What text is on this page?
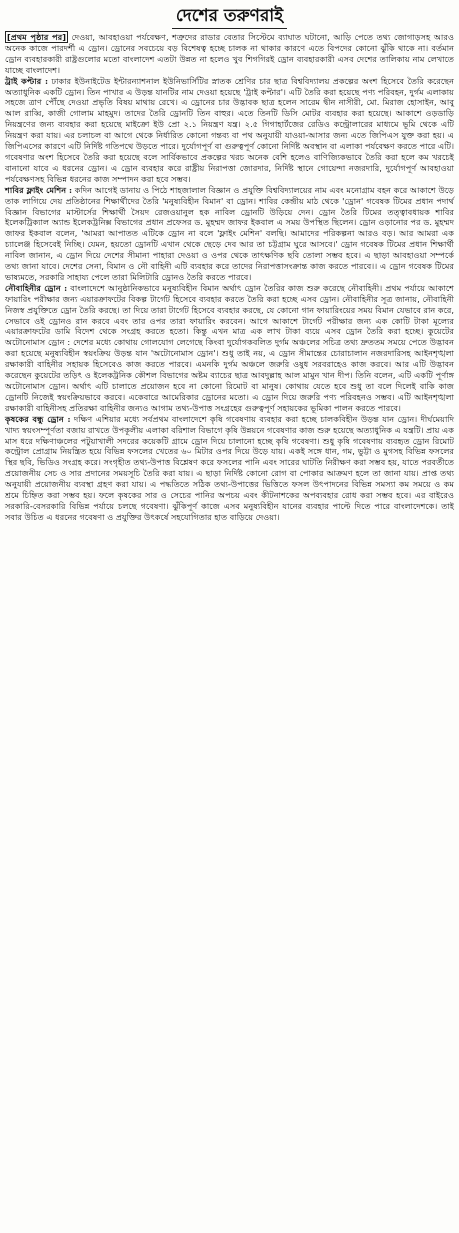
দেশের তরুণরাই

[প্রথম পৃষ্ঠার পর] দেওয়া, আবহাওয়া পর্যবেক্ষণ, শত্রুদের রাডার বেতার সিস্টেমে ব্যাঘাত ঘটানো, আড়ি পেতে তথ্য জোগাড়সহ আরও অনেক কাজে পারদর্শী এ ড্রোন। ড্রোনের সবচেয়ে বড় বিশেষত্ব হচ্ছে চালক না থাকার কারণে এতে বিপদের কোনো ঝুঁকি থাকে না। বর্তমান ড্রোন ব্যবহারকারী রাষ্ট্রগুলোর মতো বাংলাদেশ এতটা উন্নত না হলেও খুব শিগগিরই ড্রোন ব্যবহারকারী এসব দেশের তালিকায় নাম লেখাতে যাচ্ছে বাংলাদেশ।

ট্রাই কপ্টার : ঢাকার ইউনাইটেড ইন্টারন্যাশনাল ইউনিভার্সিটির স্নাতক শ্রেণির চার ছাত্র বিশ্ববিদ্যালয় প্রকল্পের অংশ হিসেবে তৈরি করেছেন অত্যাধুনিক একটি ড্রোন। তিন পাখার এ উড়ন্ত যানটির নাম দেওয়া হয়েছে 'ট্রাই কপ্টার'। এটি তৈরি করা হয়েছে পণ্য পরিবহন, দুর্গম এলাকায় সহজে ত্রাণ পৌঁছে দেওয়া প্রভৃতি বিষয় মাথায় রেখে। এ ড্রোনের চার উদ্ভাবক ছাত্র হলেন সারেম দ্বীন নাসীরী, মো. মিরাজ হোসাইন, আবু আল রাব্বি, কাজী গোলাম মাহমুদ। তাদের তৈরি ড্রোনটি তিন বাহুর। এতে তিনটি ডিসি মোটর ব্যবহার করা হয়েছে। আকাশে ওড়ডাড়ি নিয়ন্ত্রণের জন্য ব্যবহার করা হয়েছে মাইক্রো ইউ প্রো ২.১ নিয়ন্ত্রণ যন্ত্র। ২.৫ গিগাহার্টজের রেডিও কন্ট্রোলারের মাধ্যমে ভূমি থেকে এটি নিয়ন্ত্রণ করা যায়। এর চলাচল বা আগে থেকে নির্ধারিত কোনো গন্তব্য বা পথ অনুযায়ী যাওয়া-আসার জন্য এতে জিপিএস যুক্ত করা হয়। এ জিপিএসের কারণে এটি নির্দিষ্ট গতিপথে উড়তে পারে। দুর্যোগপূর্ণ বা গুরুত্বপূর্ণ কোনো নির্দিষ্ট অবস্থান বা এলাকা পর্যবেক্ষণ করতে পারে এটি। গবেষণার অংশ হিসেবে তৈরি করা হয়েছে বলে সার্বিকভাবে প্রকল্পের খরচ অনেক বেশি হলেও বাণিজ্যিকভাবে তৈরি করা হলে কম খরচেই বানানো যাবে এ ধরনের ড্রোন। এ ড্রোন ব্যবহার করে রাষ্ট্রীয় নিরাপত্তা জোরদার, নির্দিষ্ট স্থানে গোয়েন্দা নজরদারি, দুর্যোগপূর্ণ আবহাওয়া পর্যবেক্ষণসহ বিভিন্ন ধরনের কাজ সম্পাদন করা হবে সম্ভব।

শাবির ফ্লাইং মেশিন : কদিন আগেই ডানায় ও পিঠে শাহজালাল বিজ্ঞান ও প্রযুক্তি বিশ্ববিদ্যালয়ের নাম এবং মনোগ্রাম বহন করে আকাশে উড়ে তাক লাগিয়ে দেয় প্রতিষ্ঠানের শিক্ষার্থীদের তৈরি 'মনুষ্যবিহীন বিমান' বা ড্রোন। শাবির কেন্দ্রীয় মাঠ থেকে 'ড্রোন' গবেষক টিমের প্রধান পদার্থ বিজ্ঞান বিভাগের মাস্টার্সের শিক্ষার্থী সৈয়দ রেজওয়ানুল হক নাবিল ড্রোনটি উড়িয়ে দেন। ড্রোন তৈরি টিমের তত্ত্বাবধায়ক শাবির ইলেকট্রিক্যাল অ্যান্ড ইলেকট্রনিক্স বিভাগের প্রধান প্রফেসর ড. মুহম্মদ জাফর ইকবাল এ সময় উপস্থিত ছিলেন। ড্রোন ওড়ানোর পর ড. মুহম্মদ জাফর ইকবাল বলেন, 'আমরা আপাতত এটিকে ড্রোন না বলে 'ফ্লাইং মেশিন' বলছি। আমাদের পরিকল্পনা আরও বড়। আর আমরা এক চ্যালেঞ্জ হিসেবেই নিচ্ছি। যেমন, হয়তো ড্রোনটি এখান থেকে ছেড়ে দেব আর তা চট্টগ্রাম ঘুরে আসবে।' ড্রোন গবেষক টিমের প্রধান শিক্ষার্থী নাবিল জানান, এ ড্রোন দিয়ে দেশের সীমানা পাহারা দেওয়া ও ওপর থেকে তাৎক্ষণিক ছবি তোলা সম্ভব হবে। এ ছাড়া আবহাওয়া সম্পর্কে তথ্য জানা যাবে। দেশের সেনা, বিমান ও নৌ বাহিনী এটি ব্যবহার করে তাদের নিরাপত্তাসংক্রান্ত কাজ করতে পারবে।। এ ড্রোন গবেষক টিমের ভাষ্যমতে, সরকারি সাহায্য পেলে তারা মিলিটারি ড্রোনও তৈরি করতে পারবে।

নৌবাহিনীর ড্রোন : বাংলাদেশে আনুষ্ঠানিকভাবে মনুষ্যবিহীন বিমান অর্থাৎ ড্রোন তৈরির কাজ শুরু করেছে নৌবাহিনী। প্রথম পর্যায়ে আকাশে ফায়ারিং পরীক্ষার জন্য এয়ারক্রাফটের বিকল্প টার্গেট হিসেবে ব্যবহার করতে তৈরি করা হচ্ছে এসব ড্রোন। নৌবাহিনীর সূত্র জানায়, নৌবাহিনী নিজস্ব প্রযুক্তিতে ড্রোন তৈরি করছে। তা দিয়ে তারা টার্গেট হিসেবে ব্যবহার করছে, যে কোনো গান ফায়ারিংয়ের সময় বিমান যেভাবে রান করে, সেভাবে ওই ড্রোনও রান করবে এবং তার ওপর তারা ফায়ারিং করবেন। আগে আকাশে টার্গেট পরীক্ষার জন্য এক কোটি টাকা মূল্যের এয়ারক্রাফটের ডামি বিদেশ থেকে সংগ্রহ করতে হতো। কিন্তু এখন মাত্র এক লাখ টাকা ব্যয়ে এসব ড্রোন তৈরি করা হচ্ছে। কুয়েটের অটোনোমাস ড্রোন : দেশের মধ্যে কোথায় গোলযোগ লেগেছে কিংবা দুর্যোগকবলিত দুর্গম অঞ্চলের সচিত্র তথ্য দ্রুততম সময়ে পেতে উদ্ভাবন করা হয়েছে মনুষ্যবিহীন স্বয়ংক্রিয় উড়ন্ত যান 'অটোনোমাস ড্রোন'। শুধু তাই নয়, এ ড্রোন সীমান্তের চোরাচালান নজরদারিসহ আইনশৃঙ্খলা রক্ষাকারী বাহিনীর সহায়ক হিসেবেও কাজ করতে পারবে। এমনকি দুর্গম অঞ্চলে জরুরি ওষুধ সরবরাহেও কাজ করবে। আর এটি উদ্ভাবন করেছেন কুয়েটের তড়িৎ ও ইলেকট্রনিক কৌশল বিভাগের অষ্টম ব্যাচের ছাত্র আবদুল্লাহ আল মামুন খান দীপ। তিনি বলেন, এটি একটি পূর্ণাঙ্গ অটোনোমাস ড্রোন। অর্থাৎ এটি চালাতে প্রয়োজন হবে না কোনো রিমোট বা মানুষ। কোথায় যেতে হবে শুধু তা বলে দিলেই বাকি কাজ ড্রোনটি নিজেই স্বয়ংক্রিয়ভাবে করবে। একেবারে আমেরিকার ড্রোনের মতো। এ ড্রোন দিয়ে জরুরি পণ্য পরিবহনও সম্ভব। এটি আইনশৃঙ্খলা রক্ষাকারী বাহিনীসহ প্রতিরক্ষা বাহিনীর জন্যও আগাম তথ্য-উপাত্ত সংগ্রহের গুরুত্বপূর্ণ সহায়কের ভূমিকা পালন করতে পারবে।

কৃষকের বন্ধু ড্রোন : দক্ষিণ এশিয়ার মধ্যে সর্বপ্রথম বাংলাদেশে কৃষি গবেষণায় ব্যবহার করা হচ্ছে চালকবিহীন উড়ন্ত যান ড্রোন। দীর্ঘমেয়াদি খাদ্য স্বয়ংসম্পূর্ণতা বজায় রাখতে উপকূলীয় এলাকা বরিশাল বিভাগে কৃষি উন্নয়নে গবেষণার কাজ শুরু হয়েছে অত্যাধুনিক এ যন্ত্রটি। প্রায় এক মাস ধরে দক্ষিণাঞ্চলের পটুয়াখালী সদরের কয়েকটি গ্রামে ড্রোন দিয়ে চালানো হচ্ছে কৃষি গবেষণা। শুধু কৃষি গবেষণায় ব্যবহৃত ড্রোন রিমোট কন্ট্রোল প্রোগ্রাম নিয়ন্ত্রিত হয়ে বিভিন্ন ফসলের খেতের ৬০ মিটার ওপর দিয়ে উড়ে যায়। একই সঙ্গে ধান, গম, ভুট্টা ও মুগসহ বিভিন্ন ফসলের স্থির ছবি, ভিডিও সংগ্রহ করে। সংগৃহীত তথ্য-উপাত্ত বিশ্লেষণ করে ফসলের পানি এবং সারের ঘাটতি নিরীক্ষণ করা সম্ভব হয়, যাতে পরবর্তীতে প্রয়োজনীয় সেচ ও সার প্রদানের সময়সূচি তৈরি করা যায়। এ ছাড়া নির্দিষ্ট কোনো রোগ বা পোকার আক্রমণ হলে তা জানা যায়। প্রাপ্ত তথ্য অনুযায়ী প্রয়োজনীয় ব্যবস্থা গ্রহণ করা যায়। এ পদ্ধতিতে সঠিক তথ্য-উপাত্তের ভিত্তিতে ফসল উৎপাদনের বিভিন্ন সমস্যা কম সময়ে ও কম শ্রমে চিহ্নিত করা সম্ভব হয়। ফলে কৃষকের সার ও সেচের পানির অপচয় এবং কীটনাশকের অপব্যবহার রোধ করা সম্ভব হবে। এর বাইরেও সরকারি-বেসরকারি বিভিন্ন পর্যায়ে চলছে গবেষণা। ঝুঁকিপূর্ণ কাজে এসব মনুষ্যবিহীন যানের ব্যবহার পাল্টে দিতে পারে বাংলাদেশকে। তাই সবার উচিত এ ধরনের গবেষণা ও প্রযুক্তির উৎকর্ষে সহযোগিতার হাত বাড়িয়ে দেওয়া।
